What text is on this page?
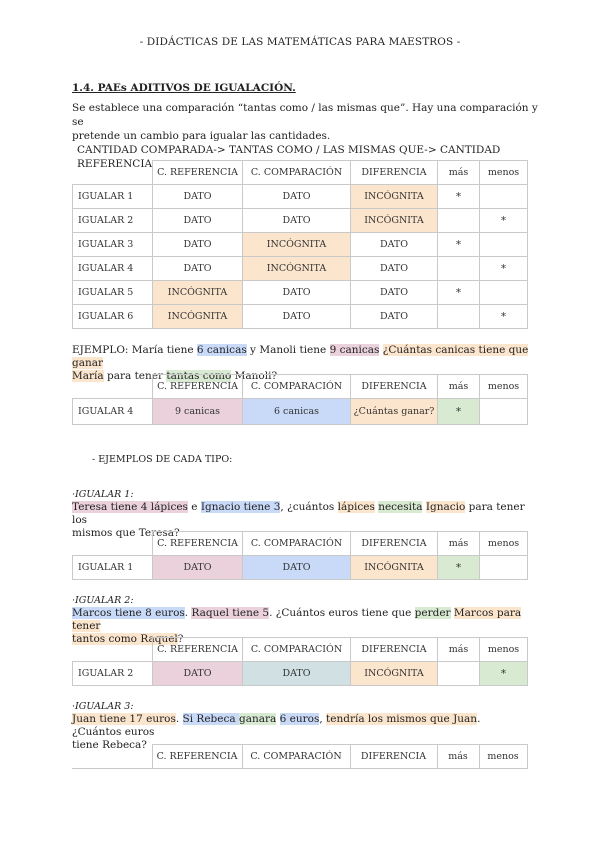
- DIDÁCTICAS DE LAS MATEMÁTICAS PARA MAESTROS -
1.4. PAEs ADITIVOS DE IGUALACIÓN.
Se establece una comparación “tantas como / las mismas que”. Hay una comparación y se
pretende un cambio para igualar las cantidades.
CANTIDAD COMPARADA-> TANTAS COMO / LAS MISMAS QUE-> CANTIDAD REFERENCIA
	C. REFERENCIA	C. COMPARACIÓN	DIFERENCIA	más	menos
IGUALAR 1	DATO	DATO	INCÓGNITA	*	
IGUALAR 2	DATO	DATO	INCÓGNITA		*
IGUALAR 3	DATO	INCÓGNITA	DATO	*	
IGUALAR 4	DATO	INCÓGNITA	DATO		*
IGUALAR 5	INCÓGNITA	DATO	DATO	*	
IGUALAR 6	INCÓGNITA	DATO	DATO		*
EJEMPLO: María tiene 6 canicas y Manoli tiene 9 canicas ¿Cuántas canicas tiene que ganar
María para tener tantas como Manoli?
	C. REFERENCIA	C. COMPARACIÓN	DIFERENCIA	más	menos
IGUALAR 4	9 canicas	6 canicas	¿Cuántas ganar?	*	
- EJEMPLOS DE CADA TIPO:
·IGUALAR 1:
Teresa tiene 4 lápices e Ignacio tiene 3, ¿cuántos lápices necesita Ignacio para tener los
mismos que Teresa?
	C. REFERENCIA	C. COMPARACIÓN	DIFERENCIA	más	menos
IGUALAR 1	DATO	DATO	INCÓGNITA	*	
·IGUALAR 2:
Marcos tiene 8 euros. Raquel tiene 5. ¿Cuántos euros tiene que perder Marcos para tener
tantos como Raquel?
	C. REFERENCIA	C. COMPARACIÓN	DIFERENCIA	más	menos
IGUALAR 2	DATO	DATO	INCÓGNITA		*
·IGUALAR 3:
Juan tiene 17 euros. Si Rebeca ganara 6 euros, tendría los mismos que Juan. ¿Cuántos euros
tiene Rebeca?
	C. REFERENCIA	C. COMPARACIÓN	DIFERENCIA	más	menos
